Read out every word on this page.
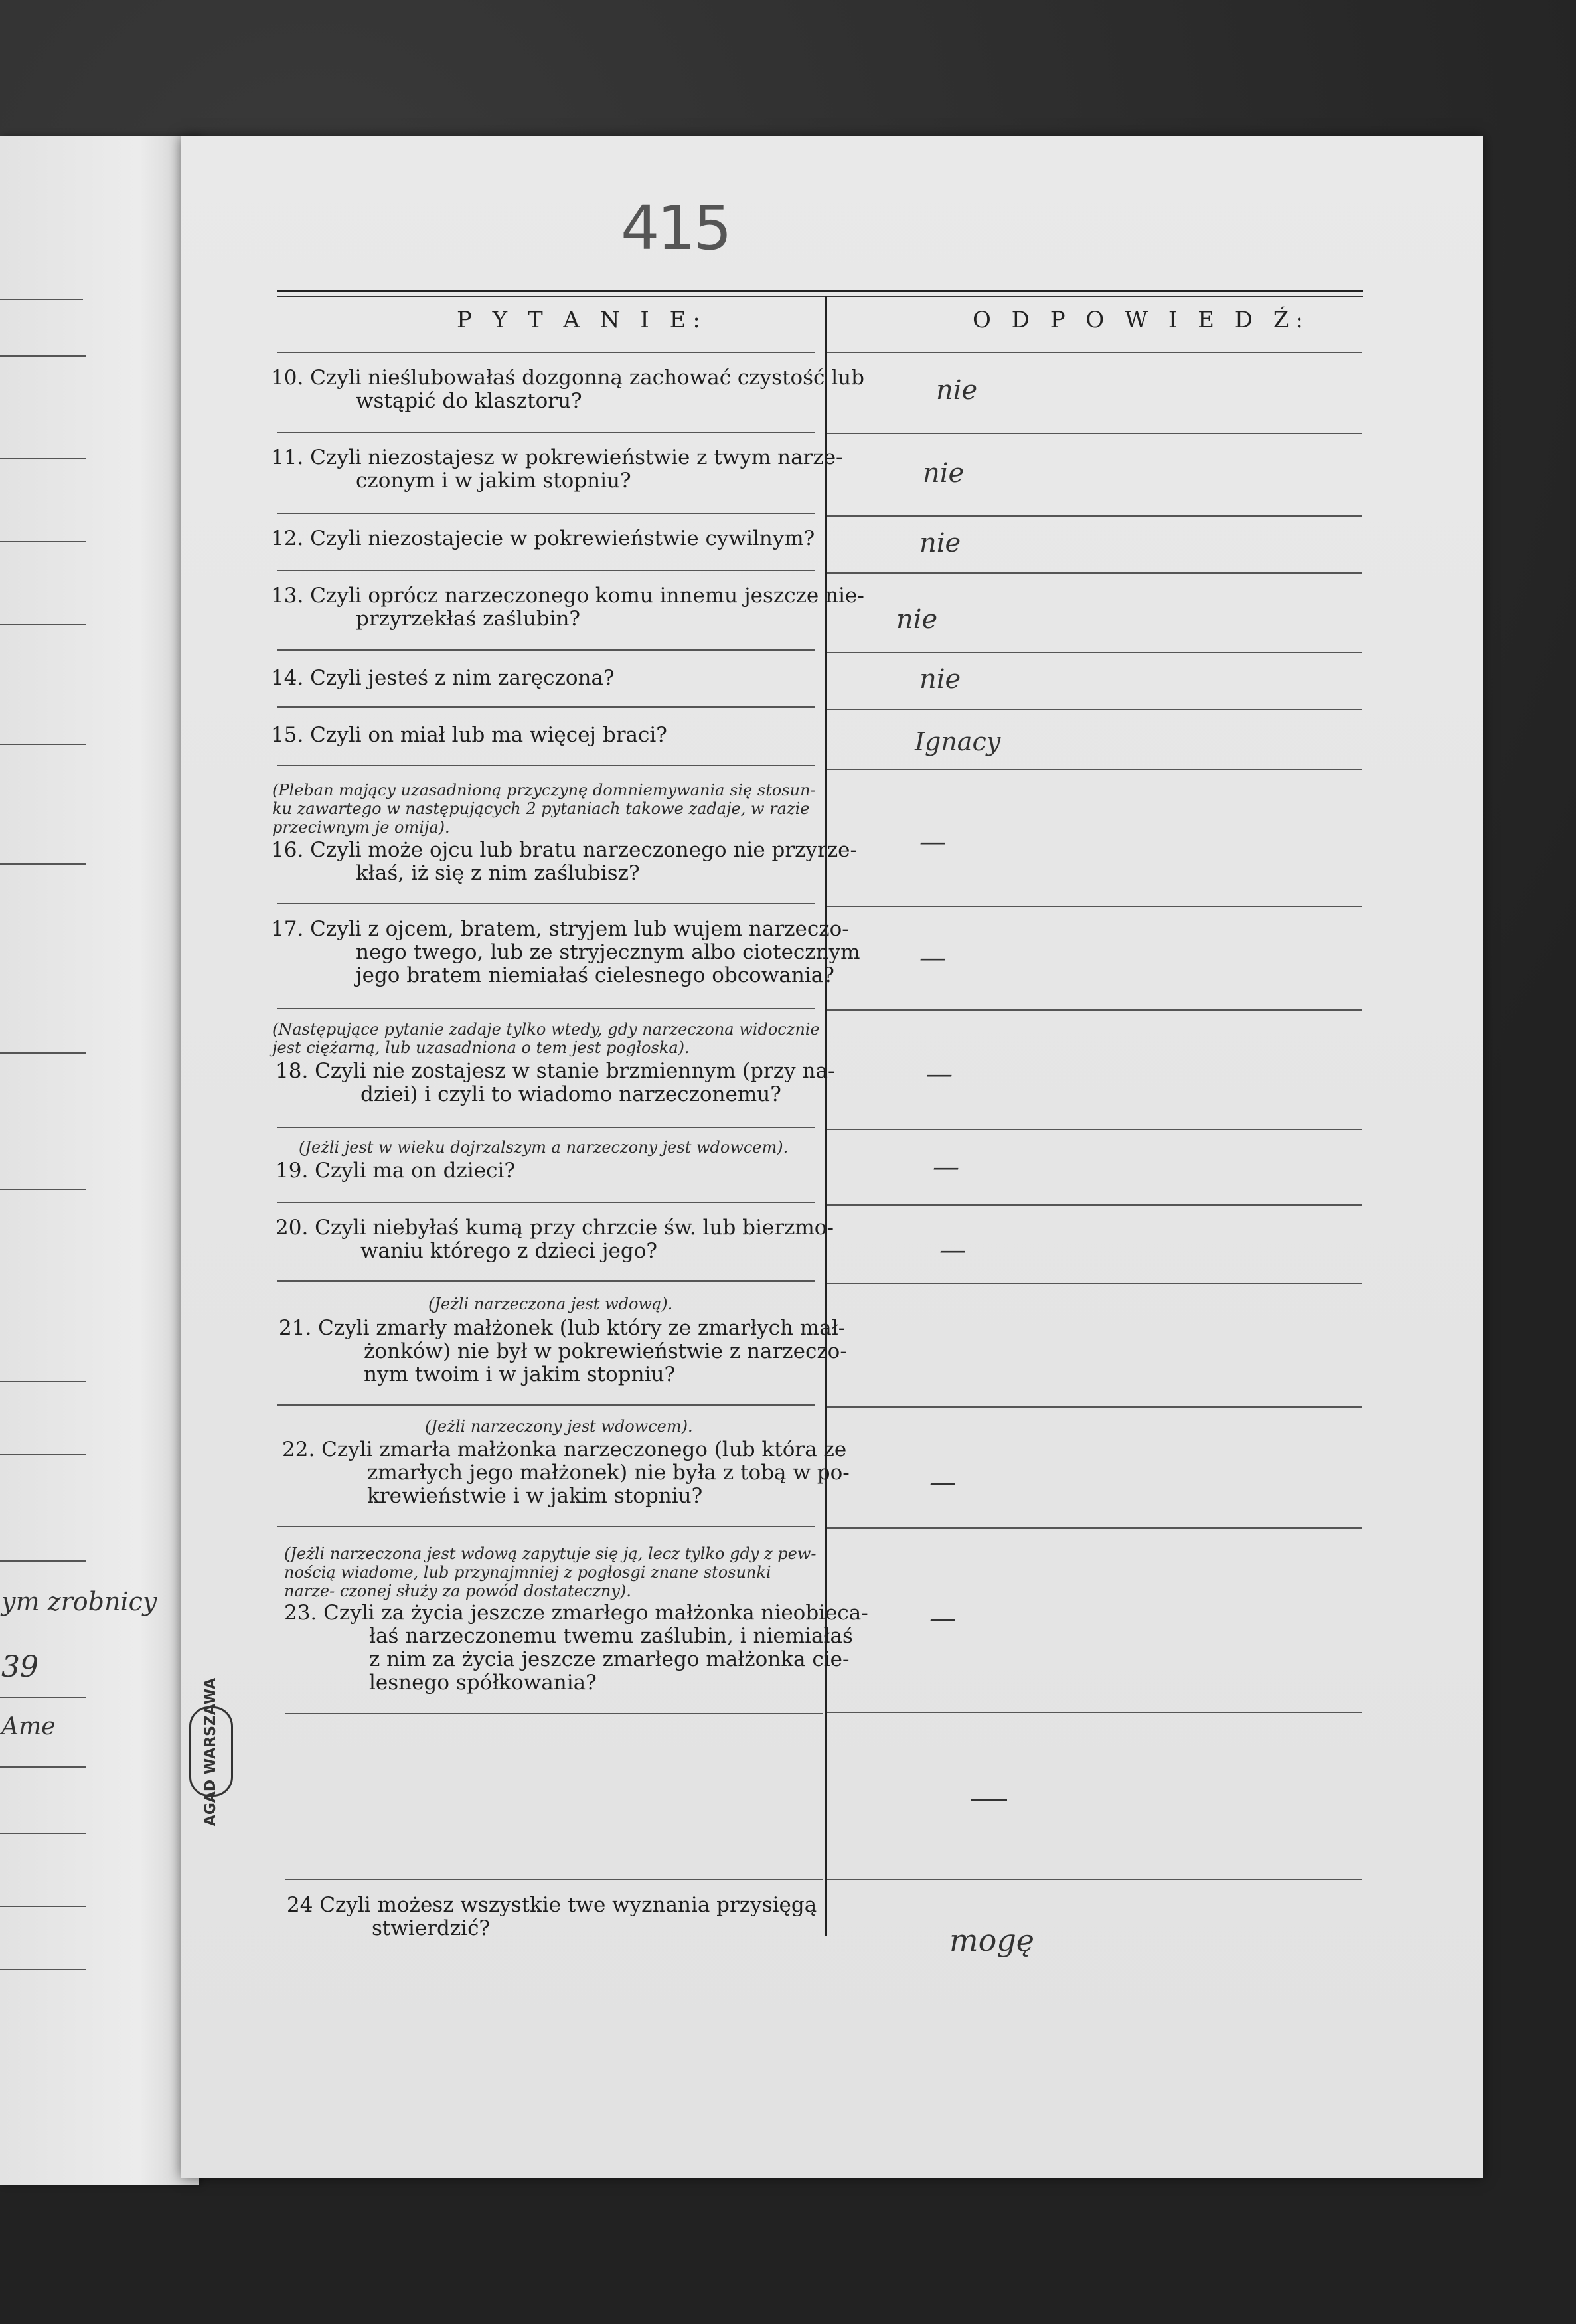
ym zrobnicy
39
Ame
415
P Y T A N I E:	O D P O W I E D Ź:
10. Czyli nieślubowałaś dozgonną zachować czystość lub
wstąpić do klasztoru?
11. Czyli niezostajesz w pokrewieństwie z twym narze-
czonym i w jakim stopniu?
12. Czyli niezostajecie w pokrewieństwie cywilnym?
13. Czyli oprócz narzeczonego komu innemu jeszcze nie-
przyrzekłaś zaślubin?
14. Czyli jesteś z nim zaręczona?
15. Czyli on miał lub ma więcej braci?
(Pleban mający uzasadnioną przyczynę domniemywania się stosun- ku zawartego w następujących 2 pytaniach takowe zadaje, w razie przeciwnym je omija).
16. Czyli może ojcu lub bratu narzeczonego nie przyrze-
kłaś, iż się z nim zaślubisz?
17. Czyli z ojcem, bratem, stryjem lub wujem narzeczo-
nego twego, lub ze stryjecznym albo ciotecznym
jego bratem niemiałaś cielesnego obcowania?
(Następujące pytanie zadaje tylko wtedy, gdy narzeczona widocznie jest ciężarną, lub uzasadniona o tem jest pogłoska).
18. Czyli nie zostajesz w stanie brzmiennym (przy na-
dziei) i czyli to wiadomo narzeczonemu?
(Jeżli jest w wieku dojrzalszym a narzeczony jest wdowcem).
19. Czyli ma on dzieci?
20. Czyli niebyłaś kumą przy chrzcie św. lub bierzmo-
waniu którego z dzieci jego?
(Jeżli narzeczona jest wdową).
21. Czyli zmarły małżonek (lub który ze zmarłych mał-
żonków) nie był w pokrewieństwie z narzeczo-
nym twoim i w jakim stopniu?
(Jeżli narzeczony jest wdowcem).
22. Czyli zmarła małżonka narzeczonego (lub która ze
zmarłych jego małżonek) nie była z tobą w po-
krewieństwie i w jakim stopniu?
(Jeżli narzeczona jest wdową zapytuje się ją, lecz tylko gdy z pew- nością wiadome, lub przynajmniej z pogłosgi znane stosunki narze- czonej służy za powód dostateczny).
23. Czyli za życia jeszcze zmarłego małżonka nieobieca-
łaś narzeczonemu twemu zaślubin, i niemiałaś
z nim za życia jeszcze zmarłego małżonka cie-
lesnego spółkowania?
24 Czyli możesz wszystkie twe wyznania przysięgą
stwierdzić?
nie
nie
nie
nie
nie
Ignacy
—
—
—
—
—
—
—
mogę
AGAD WARSZAWA
